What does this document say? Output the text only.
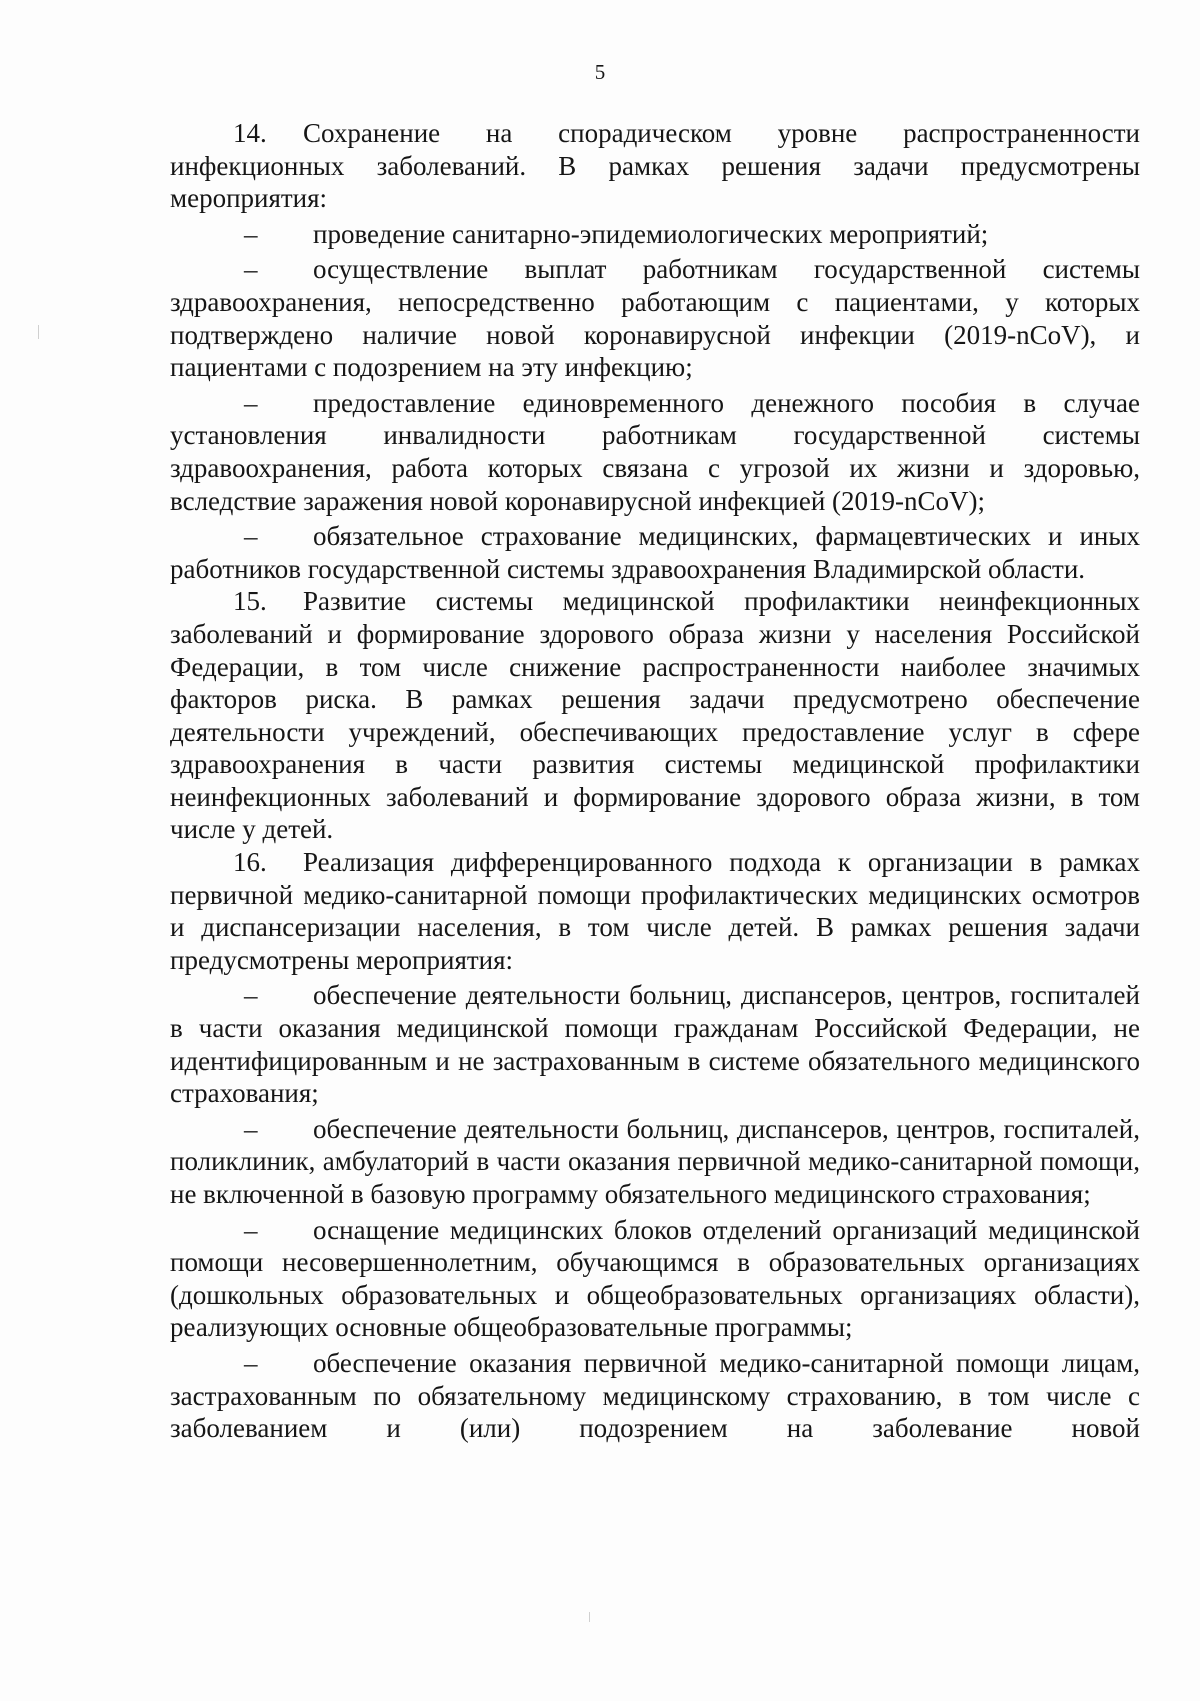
5

14. Сохранение на спорадическом уровне распространенности инфекционных заболеваний. В рамках решения задачи предусмотрены мероприятия:

– проведение санитарно-эпидемиологических мероприятий;

– осуществление выплат работникам государственной системы здравоохранения, непосредственно работающим с пациентами, у которых подтверждено наличие новой коронавирусной инфекции (2019-nCoV), и пациентами с подозрением на эту инфекцию;

– предоставление единовременного денежного пособия в случае установления инвалидности работникам государственной системы здравоохранения, работа которых связана с угрозой их жизни и здоровью, вследствие заражения новой коронавирусной инфекцией (2019-nCoV);

– обязательное страхование медицинских, фармацевтических и иных работников государственной системы здравоохранения Владимирской области.

15. Развитие системы медицинской профилактики неинфекционных заболеваний и формирование здорового образа жизни у населения Российской Федерации, в том числе снижение распространенности наиболее значимых факторов риска. В рамках решения задачи предусмотрено обеспечение деятельности учреждений, обеспечивающих предоставление услуг в сфере здравоохранения в части развития системы медицинской профилактики неинфекционных заболеваний и формирование здорового образа жизни, в том числе у детей.

16. Реализация дифференцированного подхода к организации в рамках первичной медико-санитарной помощи профилактических медицинских осмотров и диспансеризации населения, в том числе детей. В рамках решения задачи предусмотрены мероприятия:

– обеспечение деятельности больниц, диспансеров, центров, госпиталей в части оказания медицинской помощи гражданам Российской Федерации, не идентифицированным и не застрахованным в системе обязательного медицинского страхования;

– обеспечение деятельности больниц, диспансеров, центров, госпиталей, поликлиник, амбулаторий в части оказания первичной медико-санитарной помощи, не включенной в базовую программу обязательного медицинского страхования;

– оснащение медицинских блоков отделений организаций медицинской помощи несовершеннолетним, обучающимся в образовательных организациях (дошкольных образовательных и общеобразовательных организациях области), реализующих основные общеобразовательные программы;

– обеспечение оказания первичной медико-санитарной помощи лицам, застрахованным по обязательному медицинскому страхованию, в том числе с заболеванием и (или) подозрением на заболевание новой
